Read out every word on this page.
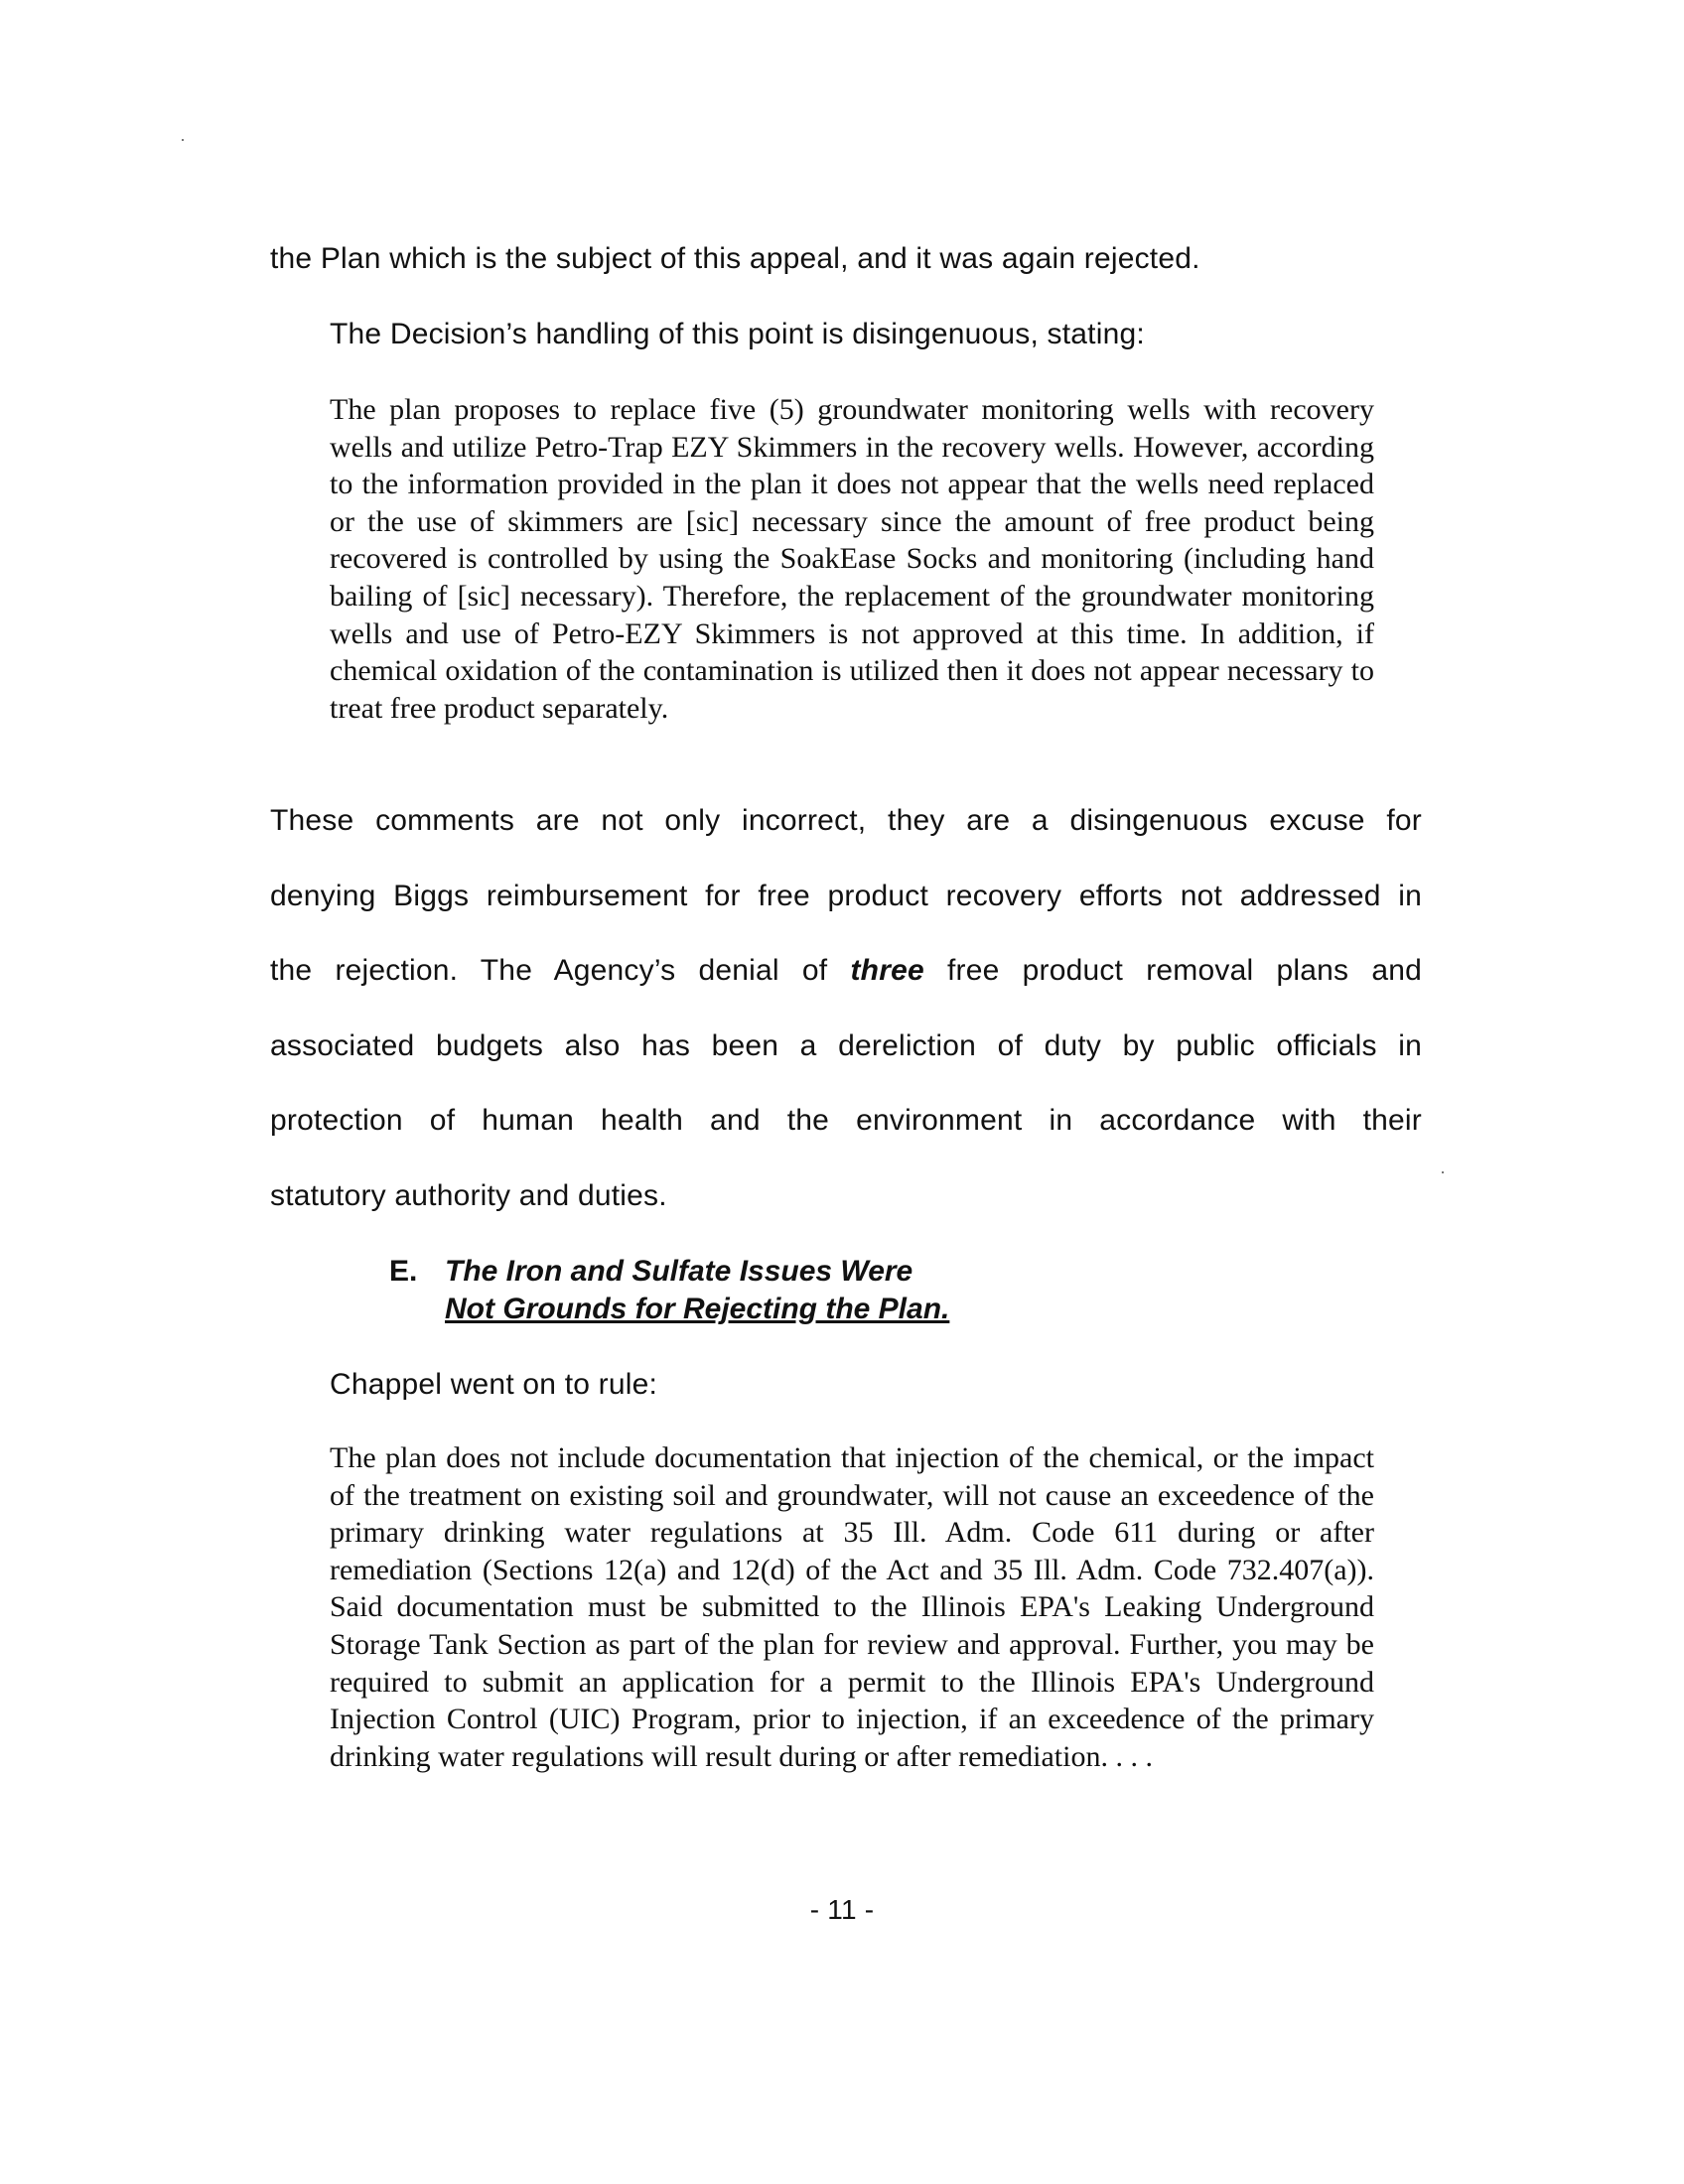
the Plan which is the subject of this appeal, and it was again rejected.
The Decision’s handling of this point is disingenuous, stating:
The plan proposes to replace five (5) groundwater monitoring wells with recovery wells and utilize Petro-Trap EZY Skimmers in the recovery wells. However, according to the information provided in the plan it does not appear that the wells need replaced or the use of skimmers are [sic] necessary since the amount of free product being recovered is controlled by using the SoakEase Socks and monitoring (including hand bailing of [sic] necessary). Therefore, the replacement of the groundwater monitoring wells and use of Petro-EZY Skimmers is not approved at this time. In addition, if chemical oxidation of the contamination is utilized then it does not appear necessary to treat free product separately.
These comments are not only incorrect, they are a disingenuous excuse for
denying Biggs reimbursement for free product recovery efforts not addressed in
the rejection. The Agency’s denial of three free product removal plans and
associated budgets also has been a dereliction of duty by public officials in
protection of human health and the environment in accordance with their
statutory authority and duties.
E. The Iron and Sulfate Issues Were
Not Grounds for Rejecting the Plan.
Chappel went on to rule:
The plan does not include documentation that injection of the chemical, or the impact of the treatment on existing soil and groundwater, will not cause an exceedence of the primary drinking water regulations at 35 Ill. Adm. Code 611 during or after remediation (Sections 12(a) and 12(d) of the Act and 35 Ill. Adm. Code 732.407(a)). Said documentation must be submitted to the Illinois EPA's Leaking Underground Storage Tank Section as part of the plan for review and approval. Further, you may be required to submit an application for a permit to the Illinois EPA's Underground Injection Control (UIC) Program, prior to injection, if an exceedence of the primary drinking water regulations will result during or after remediation. . . .
- 11 -
